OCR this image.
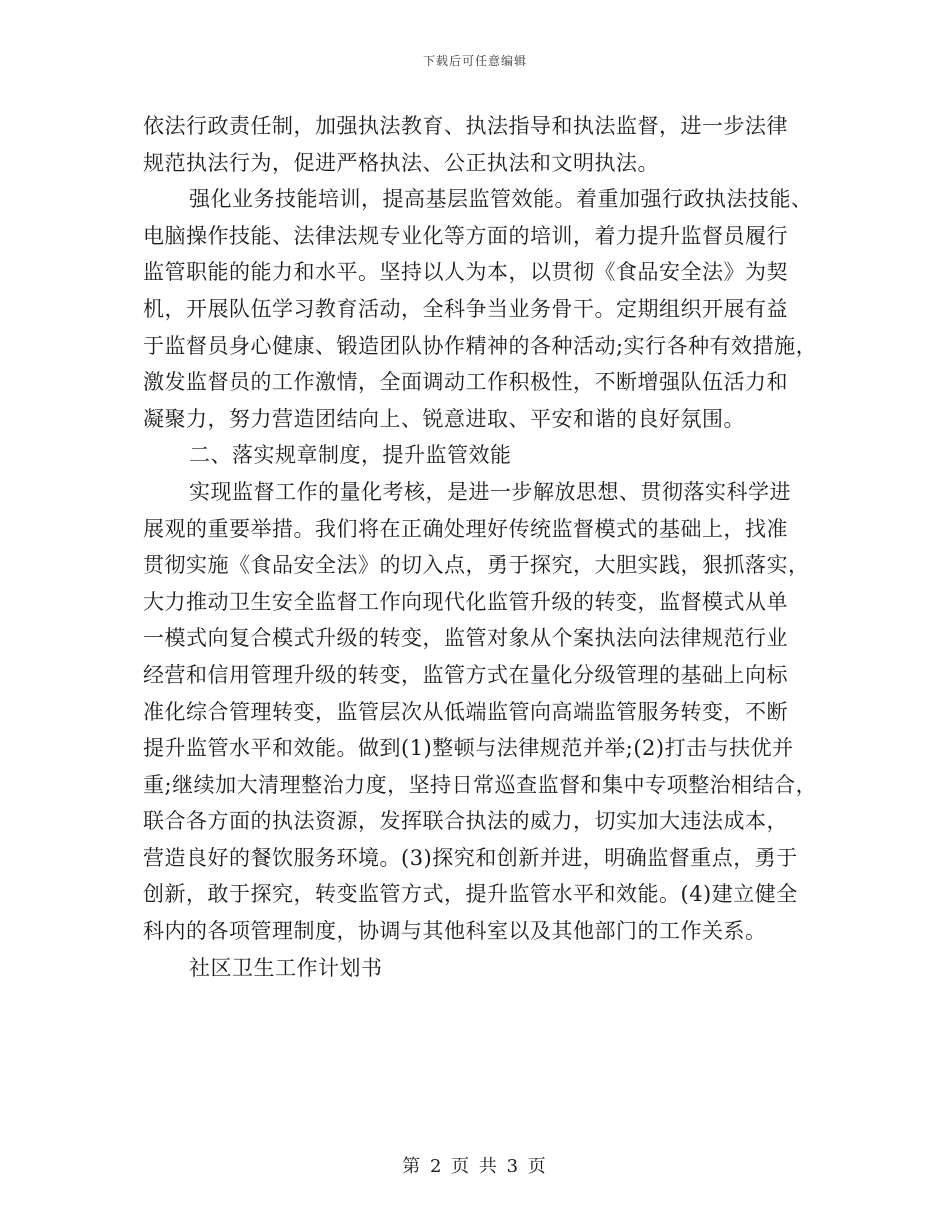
下载后可任意编辑
依法行政责任制，加强执法教育、执法指导和执法监督，进一步法律
规范执法行为，促进严格执法、公正执法和文明执法。
强化业务技能培训，提高基层监管效能。着重加强行政执法技能、
电脑操作技能、法律法规专业化等方面的培训，着力提升监督员履行
监管职能的能力和水平。坚持以人为本，以贯彻《食品安全法》为契
机，开展队伍学习教育活动，全科争当业务骨干。定期组织开展有益
于监督员身心健康、锻造团队协作精神的各种活动;实行各种有效措施，
激发监督员的工作激情，全面调动工作积极性，不断增强队伍活力和
凝聚力，努力营造团结向上、锐意进取、平安和谐的良好氛围。
二、落实规章制度，提升监管效能
实现监督工作的量化考核，是进一步解放思想、贯彻落实科学进
展观的重要举措。我们将在正确处理好传统监督模式的基础上，找准
贯彻实施《食品安全法》的切入点，勇于探究，大胆实践，狠抓落实，
大力推动卫生安全监督工作向现代化监管升级的转变，监督模式从单
一模式向复合模式升级的转变，监管对象从个案执法向法律规范行业
经营和信用管理升级的转变，监管方式在量化分级管理的基础上向标
准化综合管理转变，监管层次从低端监管向高端监管服务转变，不断
提升监管水平和效能。做到(1)整顿与法律规范并举;(2)打击与扶优并
重;继续加大清理整治力度，坚持日常巡查监督和集中专项整治相结合，
联合各方面的执法资源，发挥联合执法的威力，切实加大违法成本，
营造良好的餐饮服务环境。(3)探究和创新并进，明确监督重点，勇于
创新，敢于探究，转变监管方式，提升监管水平和效能。(4)建立健全
科内的各项管理制度，协调与其他科室以及其他部门的工作关系。
社区卫生工作计划书
第 2 页 共 3 页
